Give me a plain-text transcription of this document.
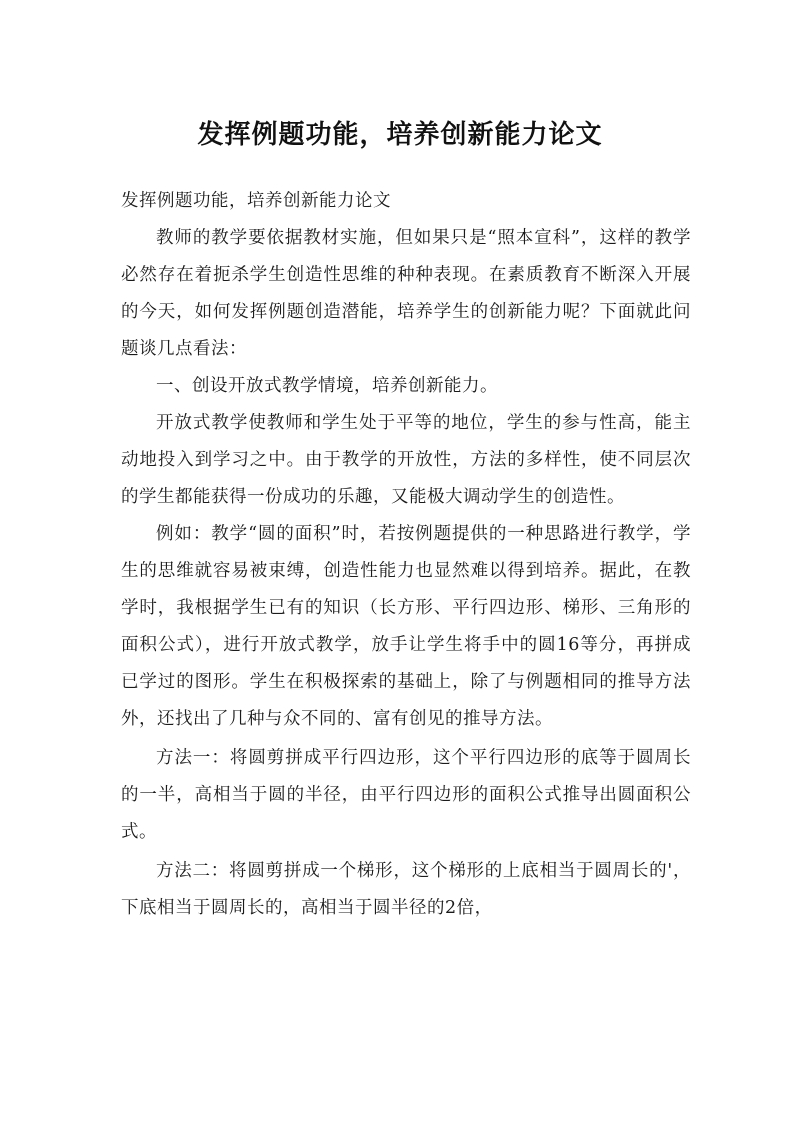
发挥例题功能，培养创新能力论文

发挥例题功能，培养创新能力论文

教师的教学要依据教材实施，但如果只是“照本宣科”，这样的教学必然存在着扼杀学生创造性思维的种种表现。在素质教育不断深入开展的今天，如何发挥例题创造潜能，培养学生的创新能力呢？下面就此问题谈几点看法：

一、创设开放式教学情境，培养创新能力。

开放式教学使教师和学生处于平等的地位，学生的参与性高，能主动地投入到学习之中。由于教学的开放性，方法的多样性，使不同层次的学生都能获得一份成功的乐趣，又能极大调动学生的创造性。

例如：教学“圆的面积”时，若按例题提供的一种思路进行教学，学生的思维就容易被束缚，创造性能力也显然难以得到培养。据此，在教学时，我根据学生已有的知识（长方形、平行四边形、梯形、三角形的面积公式），进行开放式教学，放手让学生将手中的圆16等分，再拼成已学过的图形。学生在积极探索的基础上，除了与例题相同的推导方法外，还找出了几种与众不同的、富有创见的推导方法。

方法一：将圆剪拼成平行四边形，这个平行四边形的底等于圆周长的一半，高相当于圆的半径，由平行四边形的面积公式推导出圆面积公式。

方法二：将圆剪拼成一个梯形，这个梯形的上底相当于圆周长的'，下底相当于圆周长的，高相当于圆半径的2倍，
